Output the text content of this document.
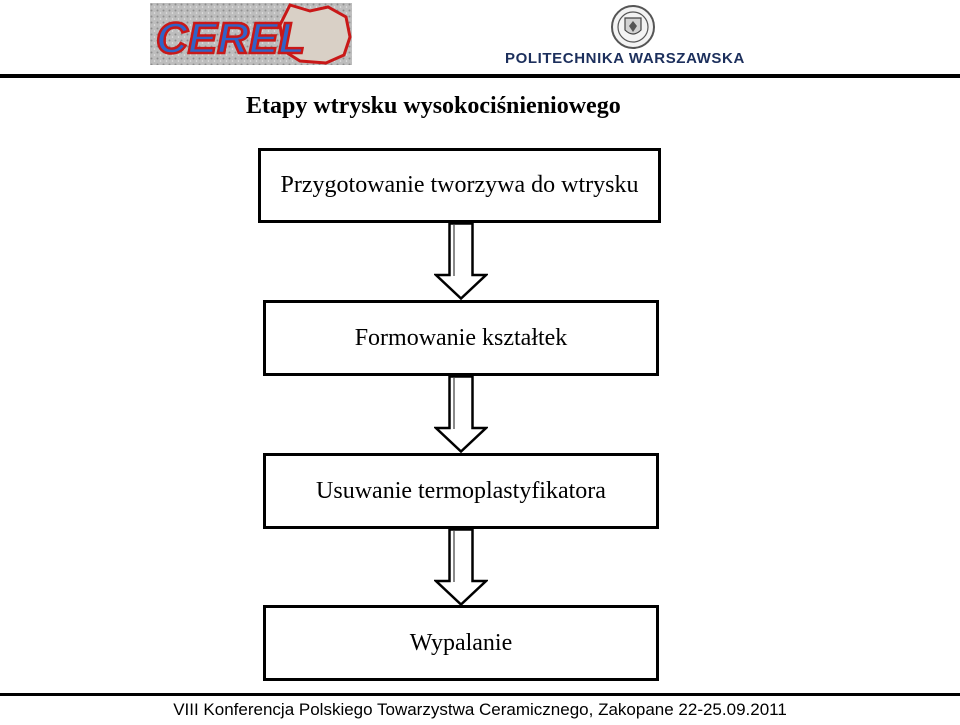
CEREL	POLITECHNIKA WARSZAWSKA
Etapy wtrysku wysokociśnieniowego
Przygotowanie tworzywa do wtrysku
Formowanie kształtek
Usuwanie termoplastyfikatora
Wypalanie
VIII Konferencja Polskiego Towarzystwa Ceramicznego, Zakopane 22-25.09.2011
